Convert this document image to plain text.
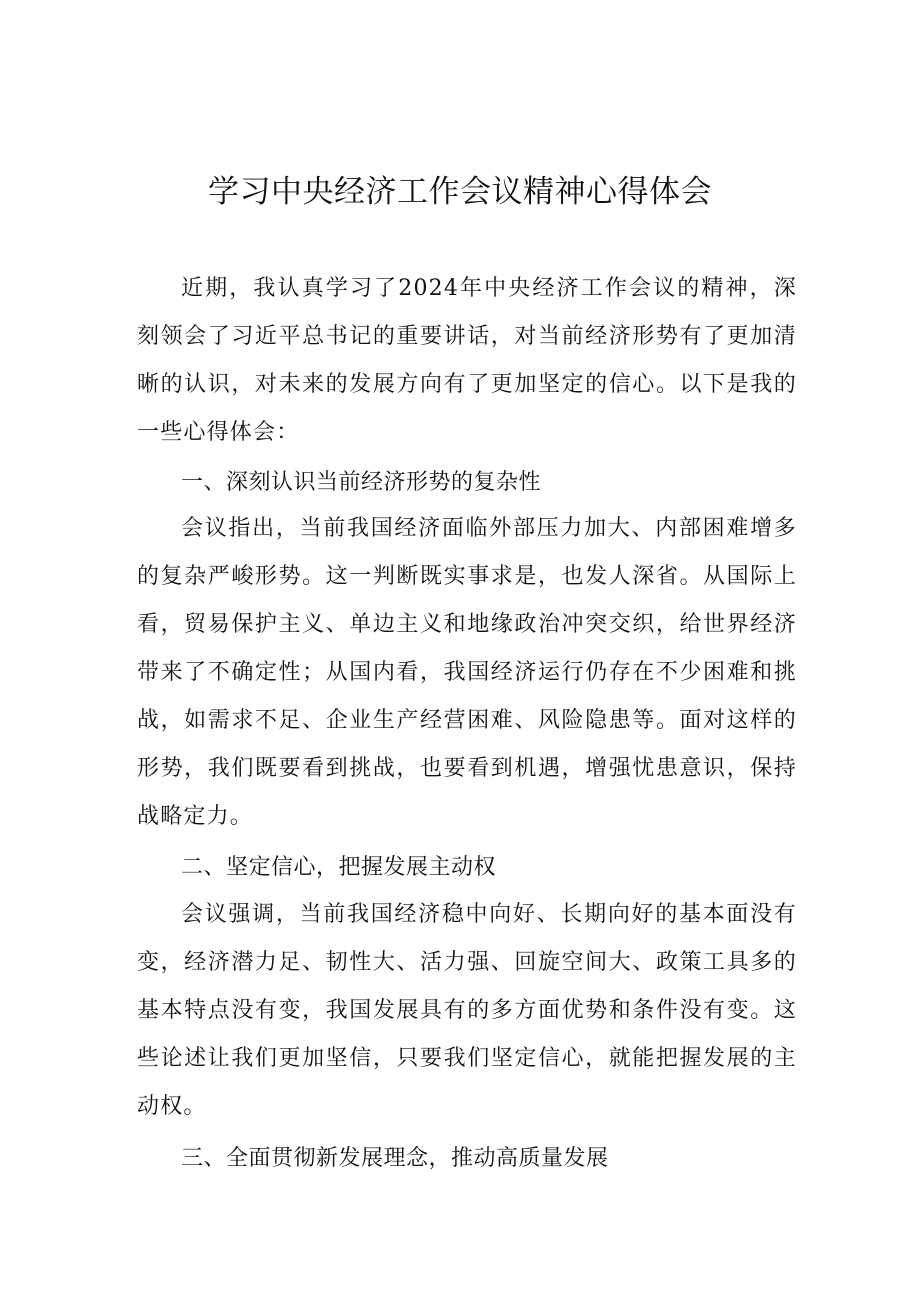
学习中央经济工作会议精神心得体会

近期，我认真学习了2024年中央经济工作会议的精神，深刻领会了习近平总书记的重要讲话，对当前经济形势有了更加清晰的认识，对未来的发展方向有了更加坚定的信心。以下是我的一些心得体会：

一、深刻认识当前经济形势的复杂性

会议指出，当前我国经济面临外部压力加大、内部困难增多的复杂严峻形势。这一判断既实事求是，也发人深省。从国际上看，贸易保护主义、单边主义和地缘政治冲突交织，给世界经济带来了不确定性；从国内看，我国经济运行仍存在不少困难和挑战，如需求不足、企业生产经营困难、风险隐患等。面对这样的形势，我们既要看到挑战，也要看到机遇，增强忧患意识，保持战略定力。

二、坚定信心，把握发展主动权

会议强调，当前我国经济稳中向好、长期向好的基本面没有变，经济潜力足、韧性大、活力强、回旋空间大、政策工具多的基本特点没有变，我国发展具有的多方面优势和条件没有变。这些论述让我们更加坚信，只要我们坚定信心，就能把握发展的主动权。

三、全面贯彻新发展理念，推动高质量发展
